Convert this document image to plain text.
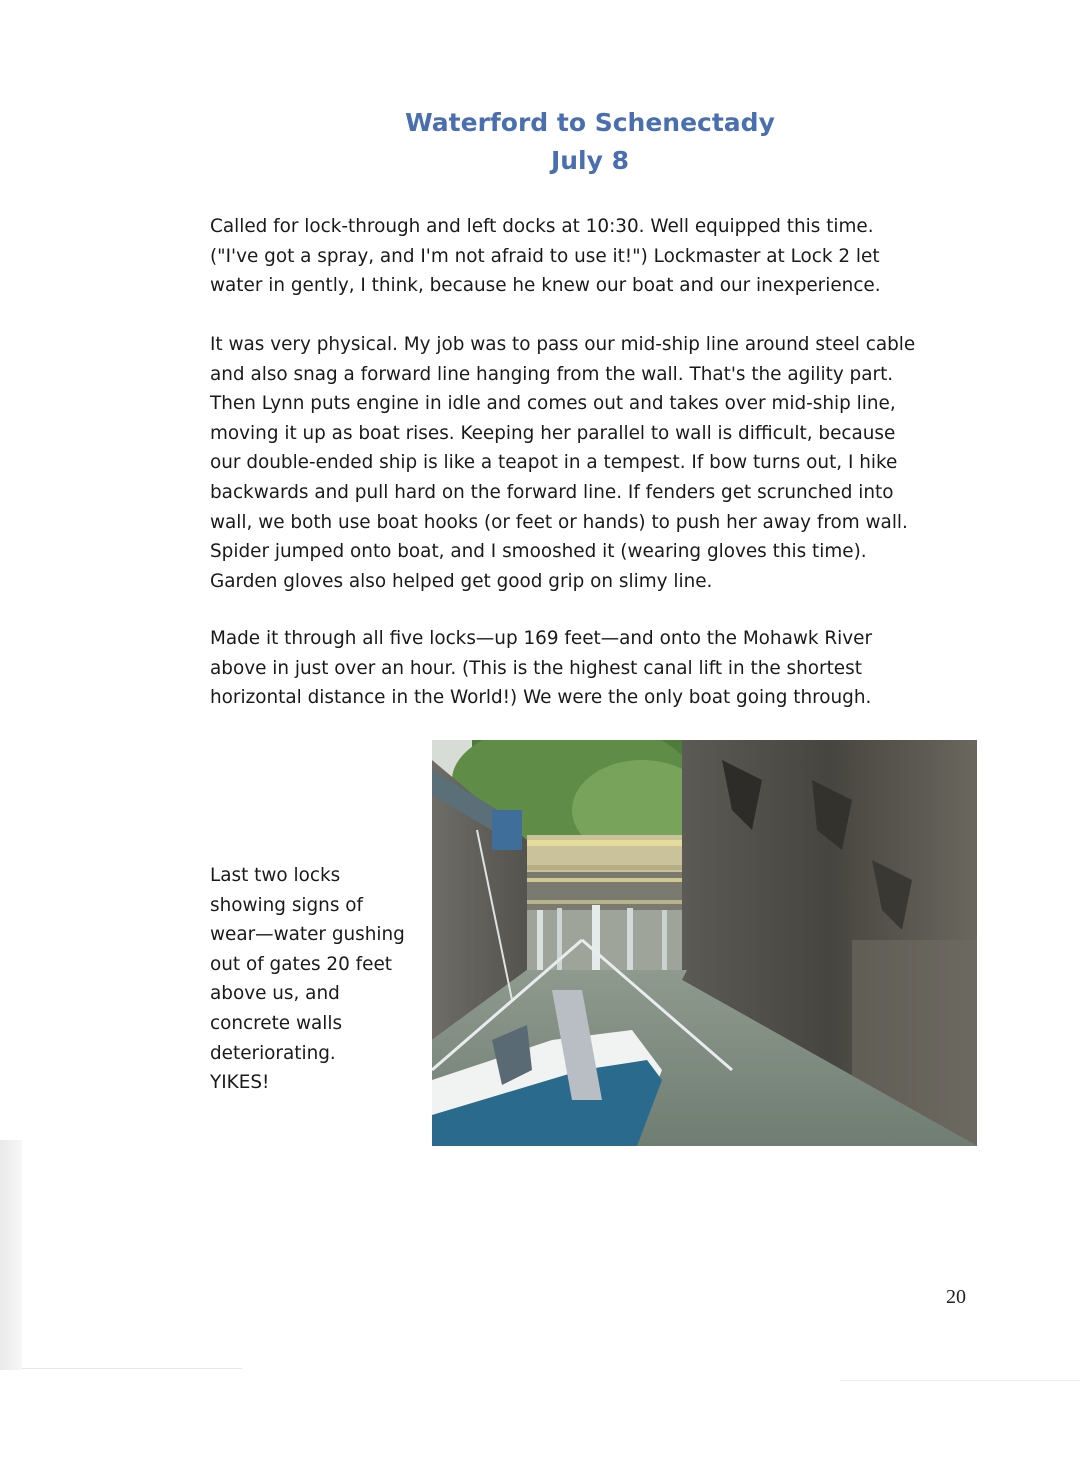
Waterford to Schenectady
July 8
Called for lock-through and left docks at 10:30. Well equipped this time.
("I've got a spray, and I'm not afraid to use it!") Lockmaster at Lock 2 let
water in gently, I think, because he knew our boat and our inexperience.
It was very physical. My job was to pass our mid-ship line around steel cable
and also snag a forward line hanging from the wall. That's the agility part.
Then Lynn puts engine in idle and comes out and takes over mid-ship line,
moving it up as boat rises. Keeping her parallel to wall is difficult, because
our double-ended ship is like a teapot in a tempest. If bow turns out, I hike
backwards and pull hard on the forward line. If fenders get scrunched into
wall, we both use boat hooks (or feet or hands) to push her away from wall.
Spider jumped onto boat, and I smooshed it (wearing gloves this time).
Garden gloves also helped get good grip on slimy line.
Made it through all five locks—up 169 feet—and onto the Mohawk River
above in just over an hour. (This is the highest canal lift in the shortest
horizontal distance in the World!) We were the only boat going through.
Last two locks
showing signs of
wear—water gushing
out of gates 20 feet
above us, and
concrete walls
deteriorating.
YIKES!
20
